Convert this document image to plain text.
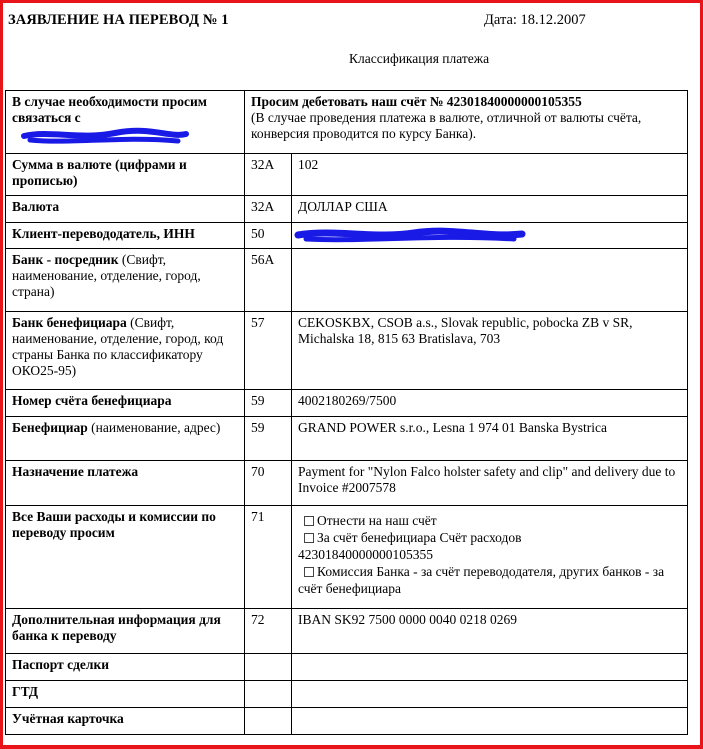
ЗАЯВЛЕНИЕ НА ПЕРЕВОД № 1	Дата: 18.12.2007
Классификация платежа
В случае необходимости просим связаться с	Просим дебетовать наш счёт № 42301840000000105355
(В случае проведения платежа в валюте, отличной от валюты счёта, конверсия проводится по курсу Банка).	
Сумма в валюте (цифрами и прописью)	32A	102
Валюта	32A	ДОЛЛАР США
Клиент-перевододатель, ИНН	50	
Банк - посредник (Свифт, наименование, отделение, город, страна)	56A	
Банк бенефициара (Свифт, наименование, отделение, город, код страны Банка по классификатору ОКО25-95)	57	CEKOSKBX, CSOB a.s., Slovak republic, pobocka ZB v SR, Michalska 18, 815 63 Bratislava, 703
Номер счёта бенефициара	59	4002180269/7500
Бенефициар (наименование, адрес)	59	GRAND POWER s.r.o., Lesna 1 974 01 Banska Bystrica
Назначение платежа	70	Payment for "Nylon Falco holster safety and clip" and delivery due to Invoice #2007578
Все Ваши расходы и комиссии по переводу просим	71	Отнести на наш счёт
За счёт бенефициара Счёт расходов
42301840000000105355
Комиссия Банка - за счёт перевододателя, других банков - за счёт бенефициара

Дополнительная информация для банка к переводу	72	IBAN SK92 7500 0000 0040 0218 0269
Паспорт сделки		
ГТД		
Учётная карточка		
